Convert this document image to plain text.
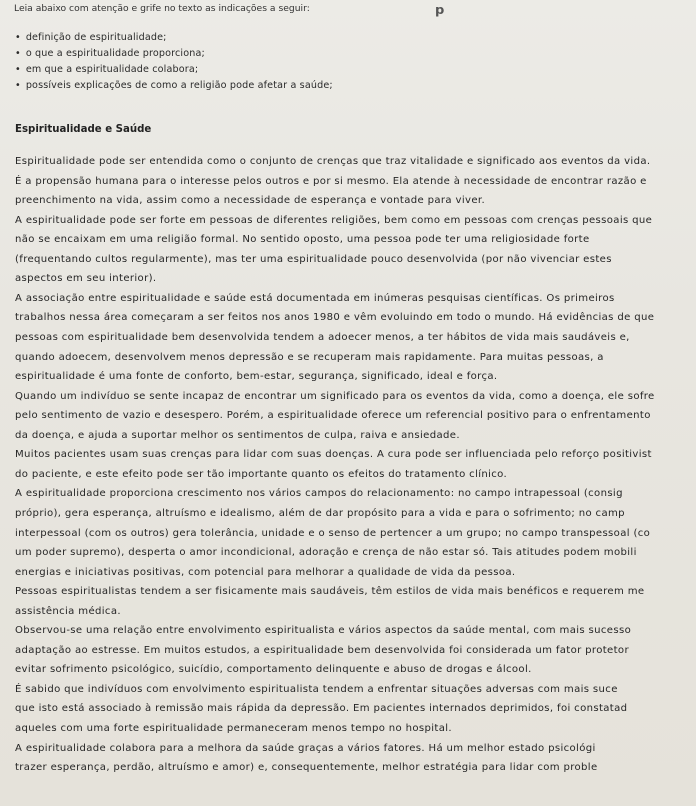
Leia abaixo com atenção e grife no texto as indicações a seguir:	𝗽
• definição de espiritualidade;
• o que a espiritualidade proporciona;
• em que a espiritualidade colabora;
• possíveis explicações de como a religião pode afetar a saúde;
Espiritualidade e Saúde
Espiritualidade pode ser entendida como o conjunto de crenças que traz vitalidade e significado aos eventos da vida.
É a propensão humana para o interesse pelos outros e por si mesmo. Ela atende à necessidade de encontrar razão e
preenchimento na vida, assim como a necessidade de esperança e vontade para viver.
A espiritualidade pode ser forte em pessoas de diferentes religiões, bem como em pessoas com crenças pessoais que
não se encaixam em uma religião formal. No sentido oposto, uma pessoa pode ter uma religiosidade forte
(frequentando cultos regularmente), mas ter uma espiritualidade pouco desenvolvida (por não vivenciar estes
aspectos em seu interior).
A associação entre espiritualidade e saúde está documentada em inúmeras pesquisas científicas. Os primeiros
trabalhos nessa área começaram a ser feitos nos anos 1980 e vêm evoluindo em todo o mundo. Há evidências de que
pessoas com espiritualidade bem desenvolvida tendem a adoecer menos, a ter hábitos de vida mais saudáveis e,
quando adoecem, desenvolvem menos depressão e se recuperam mais rapidamente. Para muitas pessoas, a
espiritualidade é uma fonte de conforto, bem-estar, segurança, significado, ideal e força.
Quando um indivíduo se sente incapaz de encontrar um significado para os eventos da vida, como a doença, ele sofre
pelo sentimento de vazio e desespero. Porém, a espiritualidade oferece um referencial positivo para o enfrentamento
da doença, e ajuda a suportar melhor os sentimentos de culpa, raiva e ansiedade.
Muitos pacientes usam suas crenças para lidar com suas doenças. A cura pode ser influenciada pelo reforço positivist
do paciente, e este efeito pode ser tão importante quanto os efeitos do tratamento clínico.
A espiritualidade proporciona crescimento nos vários campos do relacionamento: no campo intrapessoal (consig
próprio), gera esperança, altruísmo e idealismo, além de dar propósito para a vida e para o sofrimento; no camp
interpessoal (com os outros) gera tolerância, unidade e o senso de pertencer a um grupo; no campo transpessoal (co
um poder supremo), desperta o amor incondicional, adoração e crença de não estar só. Tais atitudes podem mobili
energias e iniciativas positivas, com potencial para melhorar a qualidade de vida da pessoa.
Pessoas espiritualistas tendem a ser fisicamente mais saudáveis, têm estilos de vida mais benéficos e requerem me
assistência médica.
Observou-se uma relação entre envolvimento espiritualista e vários aspectos da saúde mental, com mais sucesso
adaptação ao estresse. Em muitos estudos, a espiritualidade bem desenvolvida foi considerada um fator protetor
evitar sofrimento psicológico, suicídio, comportamento delinquente e abuso de drogas e álcool.
É sabido que indivíduos com envolvimento espiritualista tendem a enfrentar situações adversas com mais suce
que isto está associado à remissão mais rápida da depressão. Em pacientes internados deprimidos, foi constatad
aqueles com uma forte espiritualidade permaneceram menos tempo no hospital.
A espiritualidade colabora para a melhora da saúde graças a vários fatores. Há um melhor estado psicológi
trazer esperança, perdão, altruísmo e amor) e, consequentemente, melhor estratégia para lidar com proble
